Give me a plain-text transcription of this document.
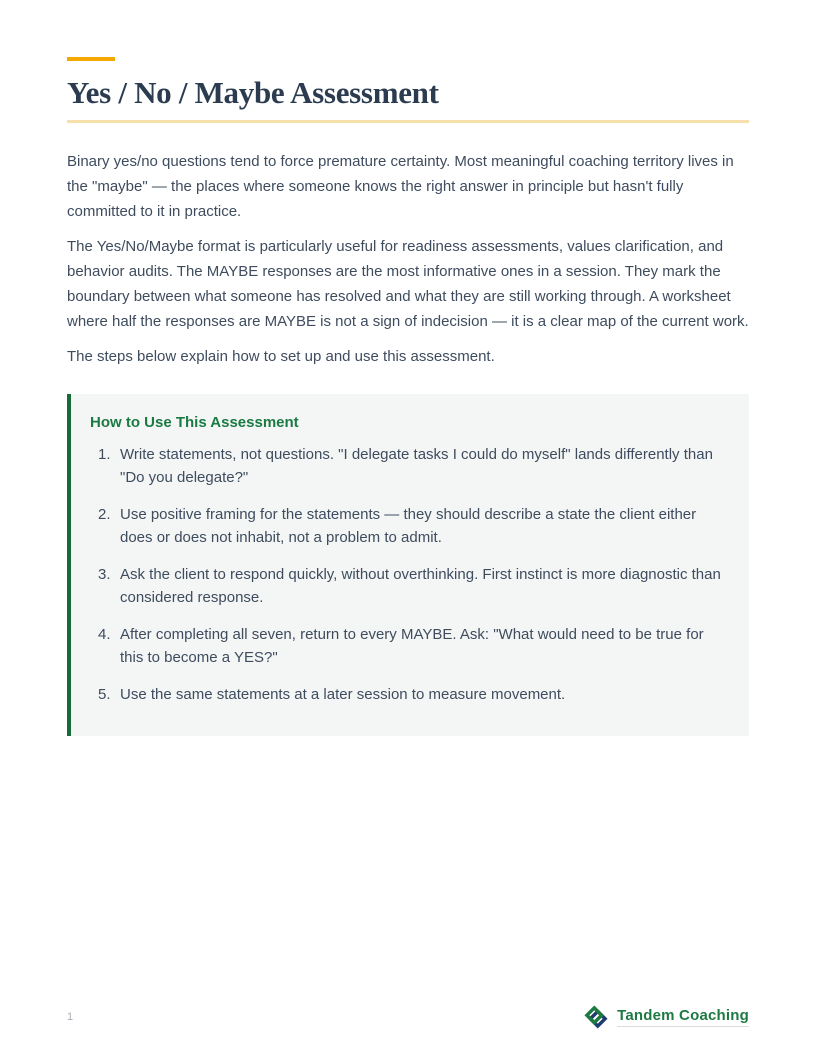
Yes / No / Maybe Assessment

Binary yes/no questions tend to force premature certainty. Most meaningful coaching territory lives in the "maybe" — the places where someone knows the right answer in principle but hasn't fully committed to it in practice.

The Yes/No/Maybe format is particularly useful for readiness assessments, values clarification, and behavior audits. The MAYBE responses are the most informative ones in a session. They mark the boundary between what someone has resolved and what they are still working through. A worksheet where half the responses are MAYBE is not a sign of indecision — it is a clear map of the current work.

The steps below explain how to set up and use this assessment.

How to Use This Assessment
Write statements, not questions. "I delegate tasks I could do myself" lands differently than "Do you delegate?"
Use positive framing for the statements — they should describe a state the client either does or does not inhabit, not a problem to admit.
Ask the client to respond quickly, without overthinking. First instinct is more diagnostic than considered response.
After completing all seven, return to every MAYBE. Ask: "What would need to be true for this to become a YES?"
Use the same statements at a later session to measure movement.
1	Tandem Coaching
